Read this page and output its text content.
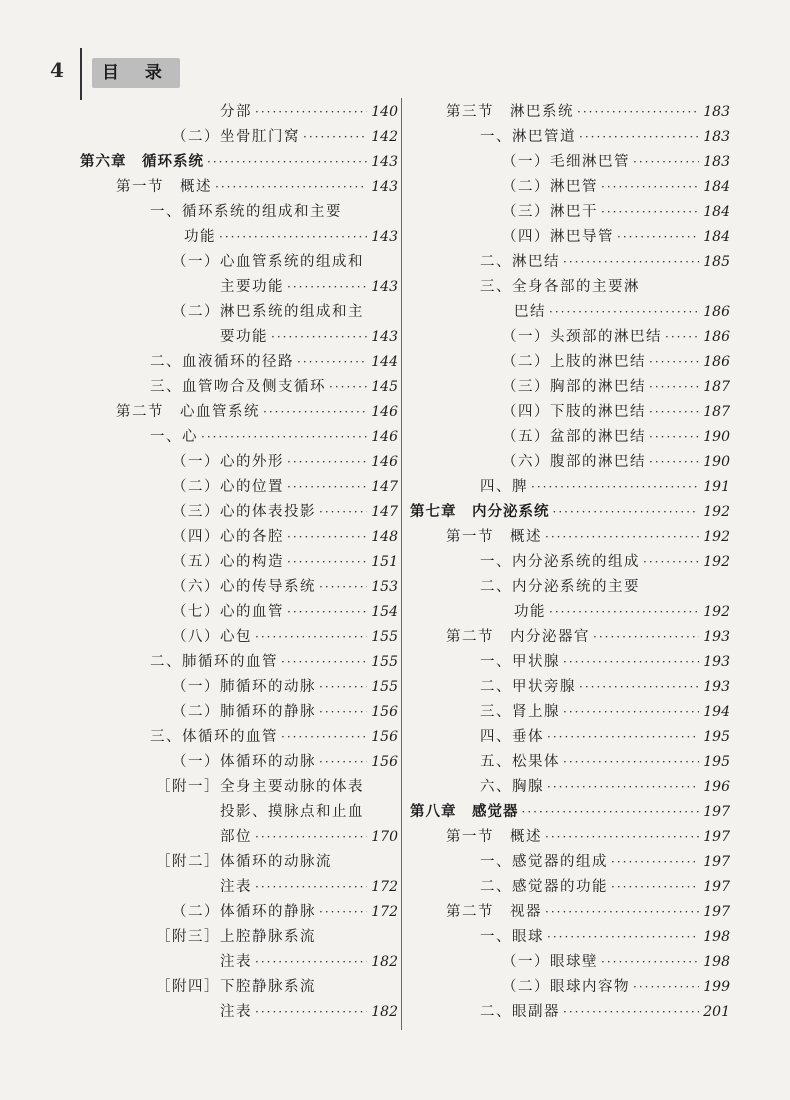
4	目 录
分部 ·····	140
（二）坐骨肛门窝 ·····	142
第六章　循环系统 ·····	143
第一节　概述 ·····	143
一、循环系统的组成和主要
功能 ·····	143
（一）心血管系统的组成和
主要功能 ·····	143
（二）淋巴系统的组成和主
要功能 ·····	143
二、血液循环的径路 ·····	144
三、血管吻合及侧支循环 ·····	145
第二节　心血管系统 ·····	146
一、心 ·····	146
（一）心的外形 ·····	146
（二）心的位置 ·····	147
（三）心的体表投影 ·····	147
（四）心的各腔 ·····	148
（五）心的构造 ·····	151
（六）心的传导系统 ·····	153
（七）心的血管 ·····	154
（八）心包 ·····	155
二、肺循环的血管 ·····	155
（一）肺循环的动脉 ·····	155
（二）肺循环的静脉 ·····	156
三、体循环的血管 ·····	156
（一）体循环的动脉 ·····	156
［附一］全身主要动脉的体表
投影、摸脉点和止血
部位 ·····	170
［附二］体循环的动脉流
注表 ·····	172
（二）体循环的静脉 ·····	172
［附三］上腔静脉系流
注表 ·····	182
［附四］下腔静脉系流
注表 ·····	182
第三节　淋巴系统 ·····	183
一、淋巴管道 ·····	183
（一）毛细淋巴管 ·····	183
（二）淋巴管 ·····	184
（三）淋巴干 ·····	184
（四）淋巴导管 ·····	184
二、淋巴结 ·····	185
三、全身各部的主要淋
巴结 ·····	186
（一）头颈部的淋巴结 ·····	186
（二）上肢的淋巴结 ·····	186
（三）胸部的淋巴结 ·····	187
（四）下肢的淋巴结 ·····	187
（五）盆部的淋巴结 ·····	190
（六）腹部的淋巴结 ·····	190
四、脾 ·····	191
第七章　内分泌系统 ·····	192
第一节　概述 ·····	192
一、内分泌系统的组成 ·····	192
二、内分泌系统的主要
功能 ·····	192
第二节　内分泌器官 ·····	193
一、甲状腺 ·····	193
二、甲状旁腺 ·····	193
三、肾上腺 ·····	194
四、垂体 ·····	195
五、松果体 ·····	195
六、胸腺 ·····	196
第八章　感觉器 ·····	197
第一节　概述 ·····	197
一、感觉器的组成 ·····	197
二、感觉器的功能 ·····	197
第二节　视器 ·····	197
一、眼球 ·····	198
（一）眼球壁 ·····	198
（二）眼球内容物 ·····	199
二、眼副器 ·····	201
